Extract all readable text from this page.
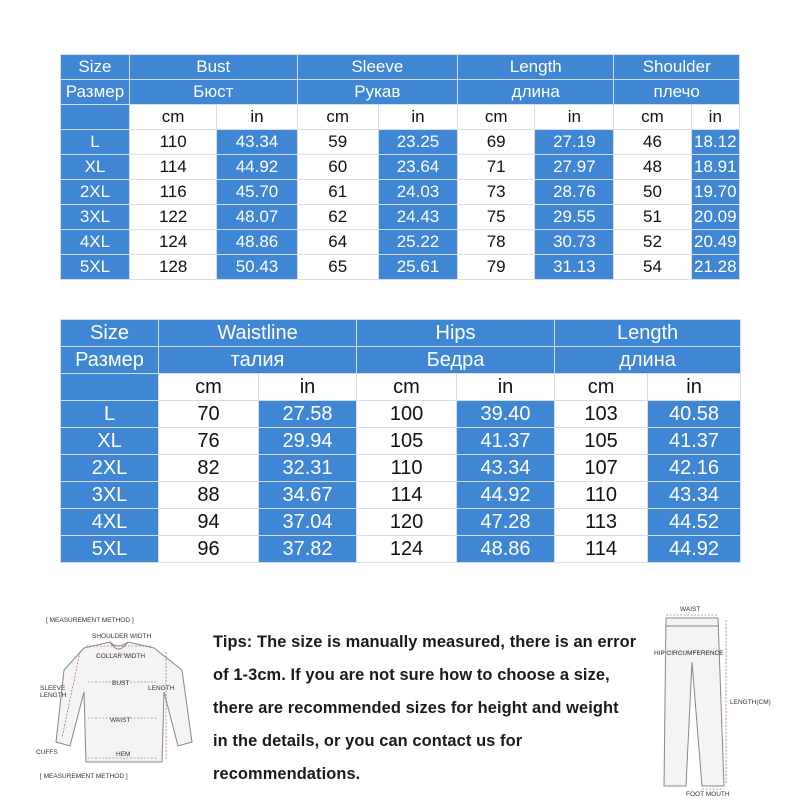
Size	Bust		Sleeve		Length		Shoulder	
Размер	Бюст		Рукав		длина		плечо	
	cm	in	cm	in	cm	in	cm	in
L	110	43.34	59	23.25	69	27.19	46	18.12
XL	114	44.92	60	23.64	71	27.97	48	18.91
2XL	116	45.70	61	24.03	73	28.76	50	19.70
3XL	122	48.07	62	24.43	75	29.55	51	20.09
4XL	124	48.86	64	25.22	78	30.73	52	20.49
5XL	128	50.43	65	25.61	79	31.13	54	21.28
Size	Waistline		Hips		Length	
Размер	талия		Бедра		длина	
	cm	in	cm	in	cm	in
L	70	27.58	100	39.40	103	40.58
XL	76	29.94	105	41.37	105	41.37
2XL	82	32.31	110	43.34	107	42.16
3XL	88	34.67	114	44.92	110	43.34
4XL	94	37.04	120	47.28	113	44.52
5XL	96	37.82	124	48.86	114	44.92
[ MEASUREMENT METHOD ]
SHOULDER WIDTH
COLLAR WIDTH
BUST
WAIST
HEM
LENGTH
SLEEVE
LENGTH
CUFFS
[ MEASUREMENT METHOD ]
Tips: The size is manually measured, there is an error of 1-3cm. If you are not sure how to choose a size, there are recommended sizes for height and weight in the details, or you can contact us for recommendations.
WAIST
HIP CIRCUMFERENCE
LENGTH(CM)
FOOT MOUTH
